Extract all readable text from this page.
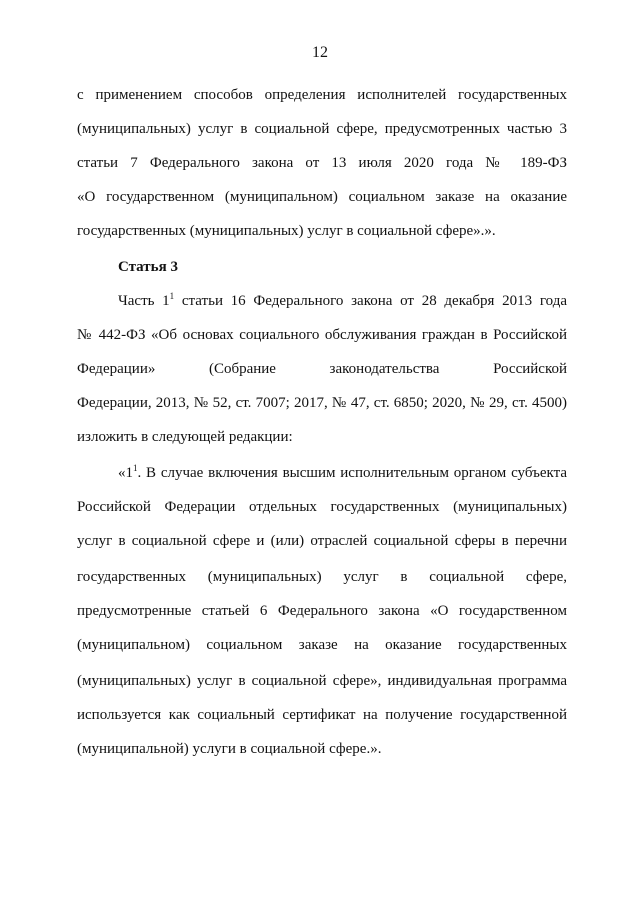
12
с применением способов определения исполнителей государственных
(муниципальных) услуг в социальной сфере, предусмотренных частью 3
статьи 7 Федерального закона от 13 июля 2020 года № 189-ФЗ
«О государственном (муниципальном) социальном заказе на оказание
государственных (муниципальных) услуг в социальной сфере».».
Статья 3
Часть $1^1$ статьи 16 Федерального закона от 28 декабря 2013 года
№ 442-ФЗ «Об основах социального обслуживания граждан в Российской
Федерации» (Собрание законодательства Российской
Федерации, 2013, № 52, ст. 7007; 2017, № 47, ст. 6850; 2020, № 29, ст. 4500)
изложить в следующей редакции:
«$1^1$. В случае включения высшим исполнительным органом субъекта
Российской Федерации отдельных государственных (муниципальных)
услуг в социальной сфере и (или) отраслей социальной сферы в перечни
государственных (муниципальных) услуг в социальной сфере,
предусмотренные статьей 6 Федерального закона «О государственном
(муниципальном) социальном заказе на оказание государственных
(муниципальных) услуг в социальной сфере», индивидуальная программа
используется как социальный сертификат на получение государственной
(муниципальной) услуги в социальной сфере.».
